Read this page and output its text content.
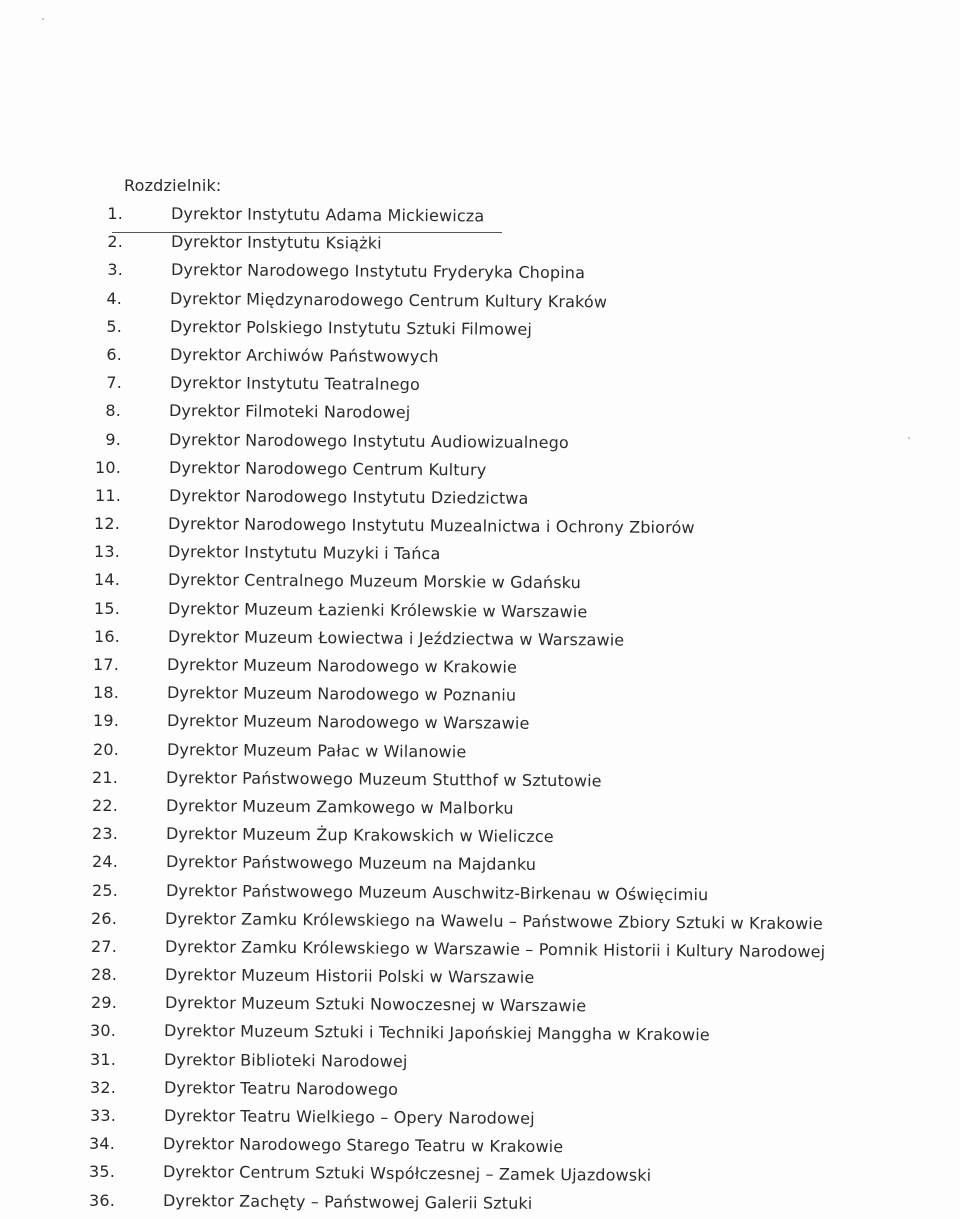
Rozdzielnik:
1.	Dyrektor Instytutu Adama Mickiewicza
2.	Dyrektor Instytutu Książki
3.	Dyrektor Narodowego Instytutu Fryderyka Chopina
4.	Dyrektor Międzynarodowego Centrum Kultury Kraków
5.	Dyrektor Polskiego Instytutu Sztuki Filmowej
6.	Dyrektor Archiwów Państwowych
7.	Dyrektor Instytutu Teatralnego
8.	Dyrektor Filmoteki Narodowej
9.	Dyrektor Narodowego Instytutu Audiowizualnego
10.	Dyrektor Narodowego Centrum Kultury
11.	Dyrektor Narodowego Instytutu Dziedzictwa
12.	Dyrektor Narodowego Instytutu Muzealnictwa i Ochrony Zbiorów
13.	Dyrektor Instytutu Muzyki i Tańca
14.	Dyrektor Centralnego Muzeum Morskie w Gdańsku
15.	Dyrektor Muzeum Łazienki Królewskie w Warszawie
16.	Dyrektor Muzeum Łowiectwa i Jeździectwa w Warszawie
17.	Dyrektor Muzeum Narodowego w Krakowie
18.	Dyrektor Muzeum Narodowego w Poznaniu
19.	Dyrektor Muzeum Narodowego w Warszawie
20.	Dyrektor Muzeum Pałac w Wilanowie
21.	Dyrektor Państwowego Muzeum Stutthof w Sztutowie
22.	Dyrektor Muzeum Zamkowego w Malborku
23.	Dyrektor Muzeum Żup Krakowskich w Wieliczce
24.	Dyrektor Państwowego Muzeum na Majdanku
25.	Dyrektor Państwowego Muzeum Auschwitz-Birkenau w Oświęcimiu
26.	Dyrektor Zamku Królewskiego na Wawelu – Państwowe Zbiory Sztuki w Krakowie
27.	Dyrektor Zamku Królewskiego w Warszawie – Pomnik Historii i Kultury Narodowej
28.	Dyrektor Muzeum Historii Polski w Warszawie
29.	Dyrektor Muzeum Sztuki Nowoczesnej w Warszawie
30.	Dyrektor Muzeum Sztuki i Techniki Japońskiej Manggha w Krakowie
31.	Dyrektor Biblioteki Narodowej
32.	Dyrektor Teatru Narodowego
33.	Dyrektor Teatru Wielkiego – Opery Narodowej
34.	Dyrektor Narodowego Starego Teatru w Krakowie
35.	Dyrektor Centrum Sztuki Współczesnej – Zamek Ujazdowski
36.	Dyrektor Zachęty – Państwowej Galerii Sztuki
